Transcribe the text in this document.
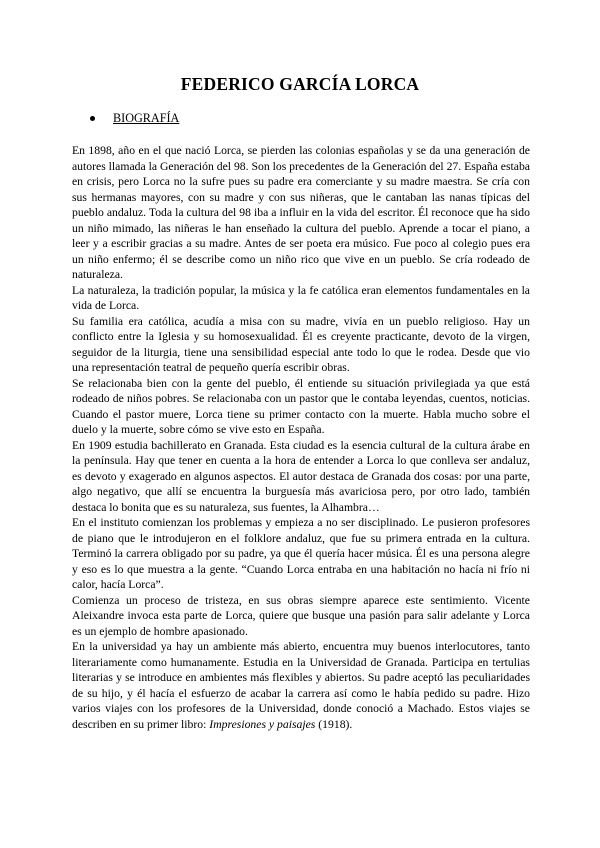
FEDERICO GARCÍA LORCA
BIOGRAFÍA

En 1898, año en el que nació Lorca, se pierden las colonias españolas y se da una generación de autores llamada la Generación del 98. Son los precedentes de la Generación del 27. España estaba en crisis, pero Lorca no la sufre pues su padre era comerciante y su madre maestra. Se cría con sus hermanas mayores, con su madre y con sus niñeras, que le cantaban las nanas típicas del pueblo andaluz. Toda la cultura del 98 iba a influir en la vida del escritor. Él reconoce que ha sido un niño mimado, las niñeras le han enseñado la cultura del pueblo. Aprende a tocar el piano, a leer y a escribir gracias a su madre. Antes de ser poeta era músico. Fue poco al colegio pues era un niño enfermo; él se describe como un niño rico que vive en un pueblo. Se cría rodeado de naturaleza.

La naturaleza, la tradición popular, la música y la fe católica eran elementos fundamentales en la vida de Lorca.

Su familia era católica, acudía a misa con su madre, vivía en un pueblo religioso. Hay un conflicto entre la Iglesia y su homosexualidad. Él es creyente practicante, devoto de la virgen, seguidor de la liturgia, tiene una sensibilidad especial ante todo lo que le rodea. Desde que vio una representación teatral de pequeño quería escribir obras.

Se relacionaba bien con la gente del pueblo, él entiende su situación privilegiada ya que está rodeado de niños pobres. Se relacionaba con un pastor que le contaba leyendas, cuentos, noticias. Cuando el pastor muere, Lorca tiene su primer contacto con la muerte. Habla mucho sobre el duelo y la muerte, sobre cómo se vive esto en España.

En 1909 estudia bachillerato en Granada. Esta ciudad es la esencia cultural de la cultura árabe en la península. Hay que tener en cuenta a la hora de entender a Lorca lo que conlleva ser andaluz, es devoto y exagerado en algunos aspectos. El autor destaca de Granada dos cosas: por una parte, algo negativo, que allí se encuentra la burguesía más avariciosa pero, por otro lado, también destaca lo bonita que es su naturaleza, sus fuentes, la Alhambra…

En el instituto comienzan los problemas y empieza a no ser disciplinado. Le pusieron profesores de piano que le introdujeron en el folklore andaluz, que fue su primera entrada en la cultura. Terminó la carrera obligado por su padre, ya que él quería hacer música. Él es una persona alegre y eso es lo que muestra a la gente. “Cuando Lorca entraba en una habitación no hacía ni frío ni calor, hacía Lorca”.

Comienza un proceso de tristeza, en sus obras siempre aparece este sentimiento. Vicente Aleixandre invoca esta parte de Lorca, quiere que busque una pasión para salir adelante y Lorca es un ejemplo de hombre apasionado.

En la universidad ya hay un ambiente más abierto, encuentra muy buenos interlocutores, tanto literariamente como humanamente. Estudia en la Universidad de Granada. Participa en tertulias literarias y se introduce en ambientes más flexibles y abiertos. Su padre aceptó las peculiaridades de su hijo, y él hacía el esfuerzo de acabar la carrera así como le había pedido su padre. Hizo varios viajes con los profesores de la Universidad, donde conoció a Machado. Estos viajes se describen en su primer libro: Impresiones y paisajes (1918).
